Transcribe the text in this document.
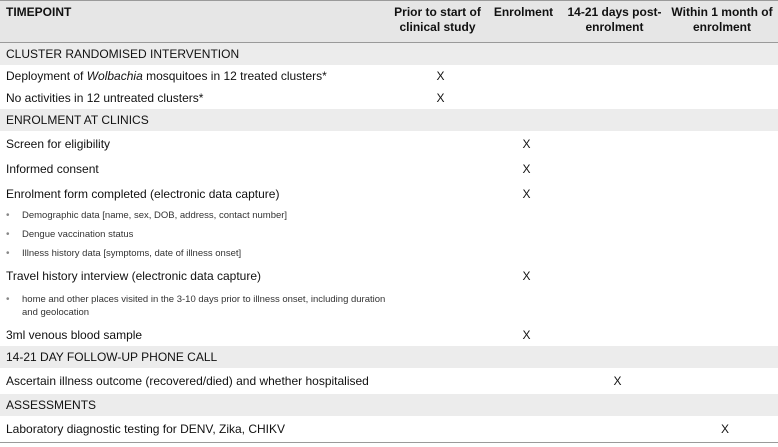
TIMEPOINT	Prior to start of clinical study	Enrolment	14-21 days post-enrolment	Within 1 month of enrolment
CLUSTER RANDOMISED INTERVENTION				
Deployment of Wolbachia mosquitoes in 12 treated clusters*	X			
No activities in 12 untreated clusters*	X			
ENROLMENT AT CLINICS				
Screen for eligibility		X		
Informed consent		X		
Enrolment form completed (electronic data capture)		X		

• Demographic data [name, sex, DOB, address, contact number]				

• Dengue vaccination status				

• Illness history data [symptoms, date of illness onset]				

Travel history interview (electronic data capture)		X		

• home and other places visited in the 3-10 days prior to illness onset, including duration and geolocation				

3ml venous blood sample		X		
14-21 DAY FOLLOW-UP PHONE CALL				
Ascertain illness outcome (recovered/died) and whether hospitalised			X	
ASSESSMENTS				
Laboratory diagnostic testing for DENV, Zika, CHIKV				X
